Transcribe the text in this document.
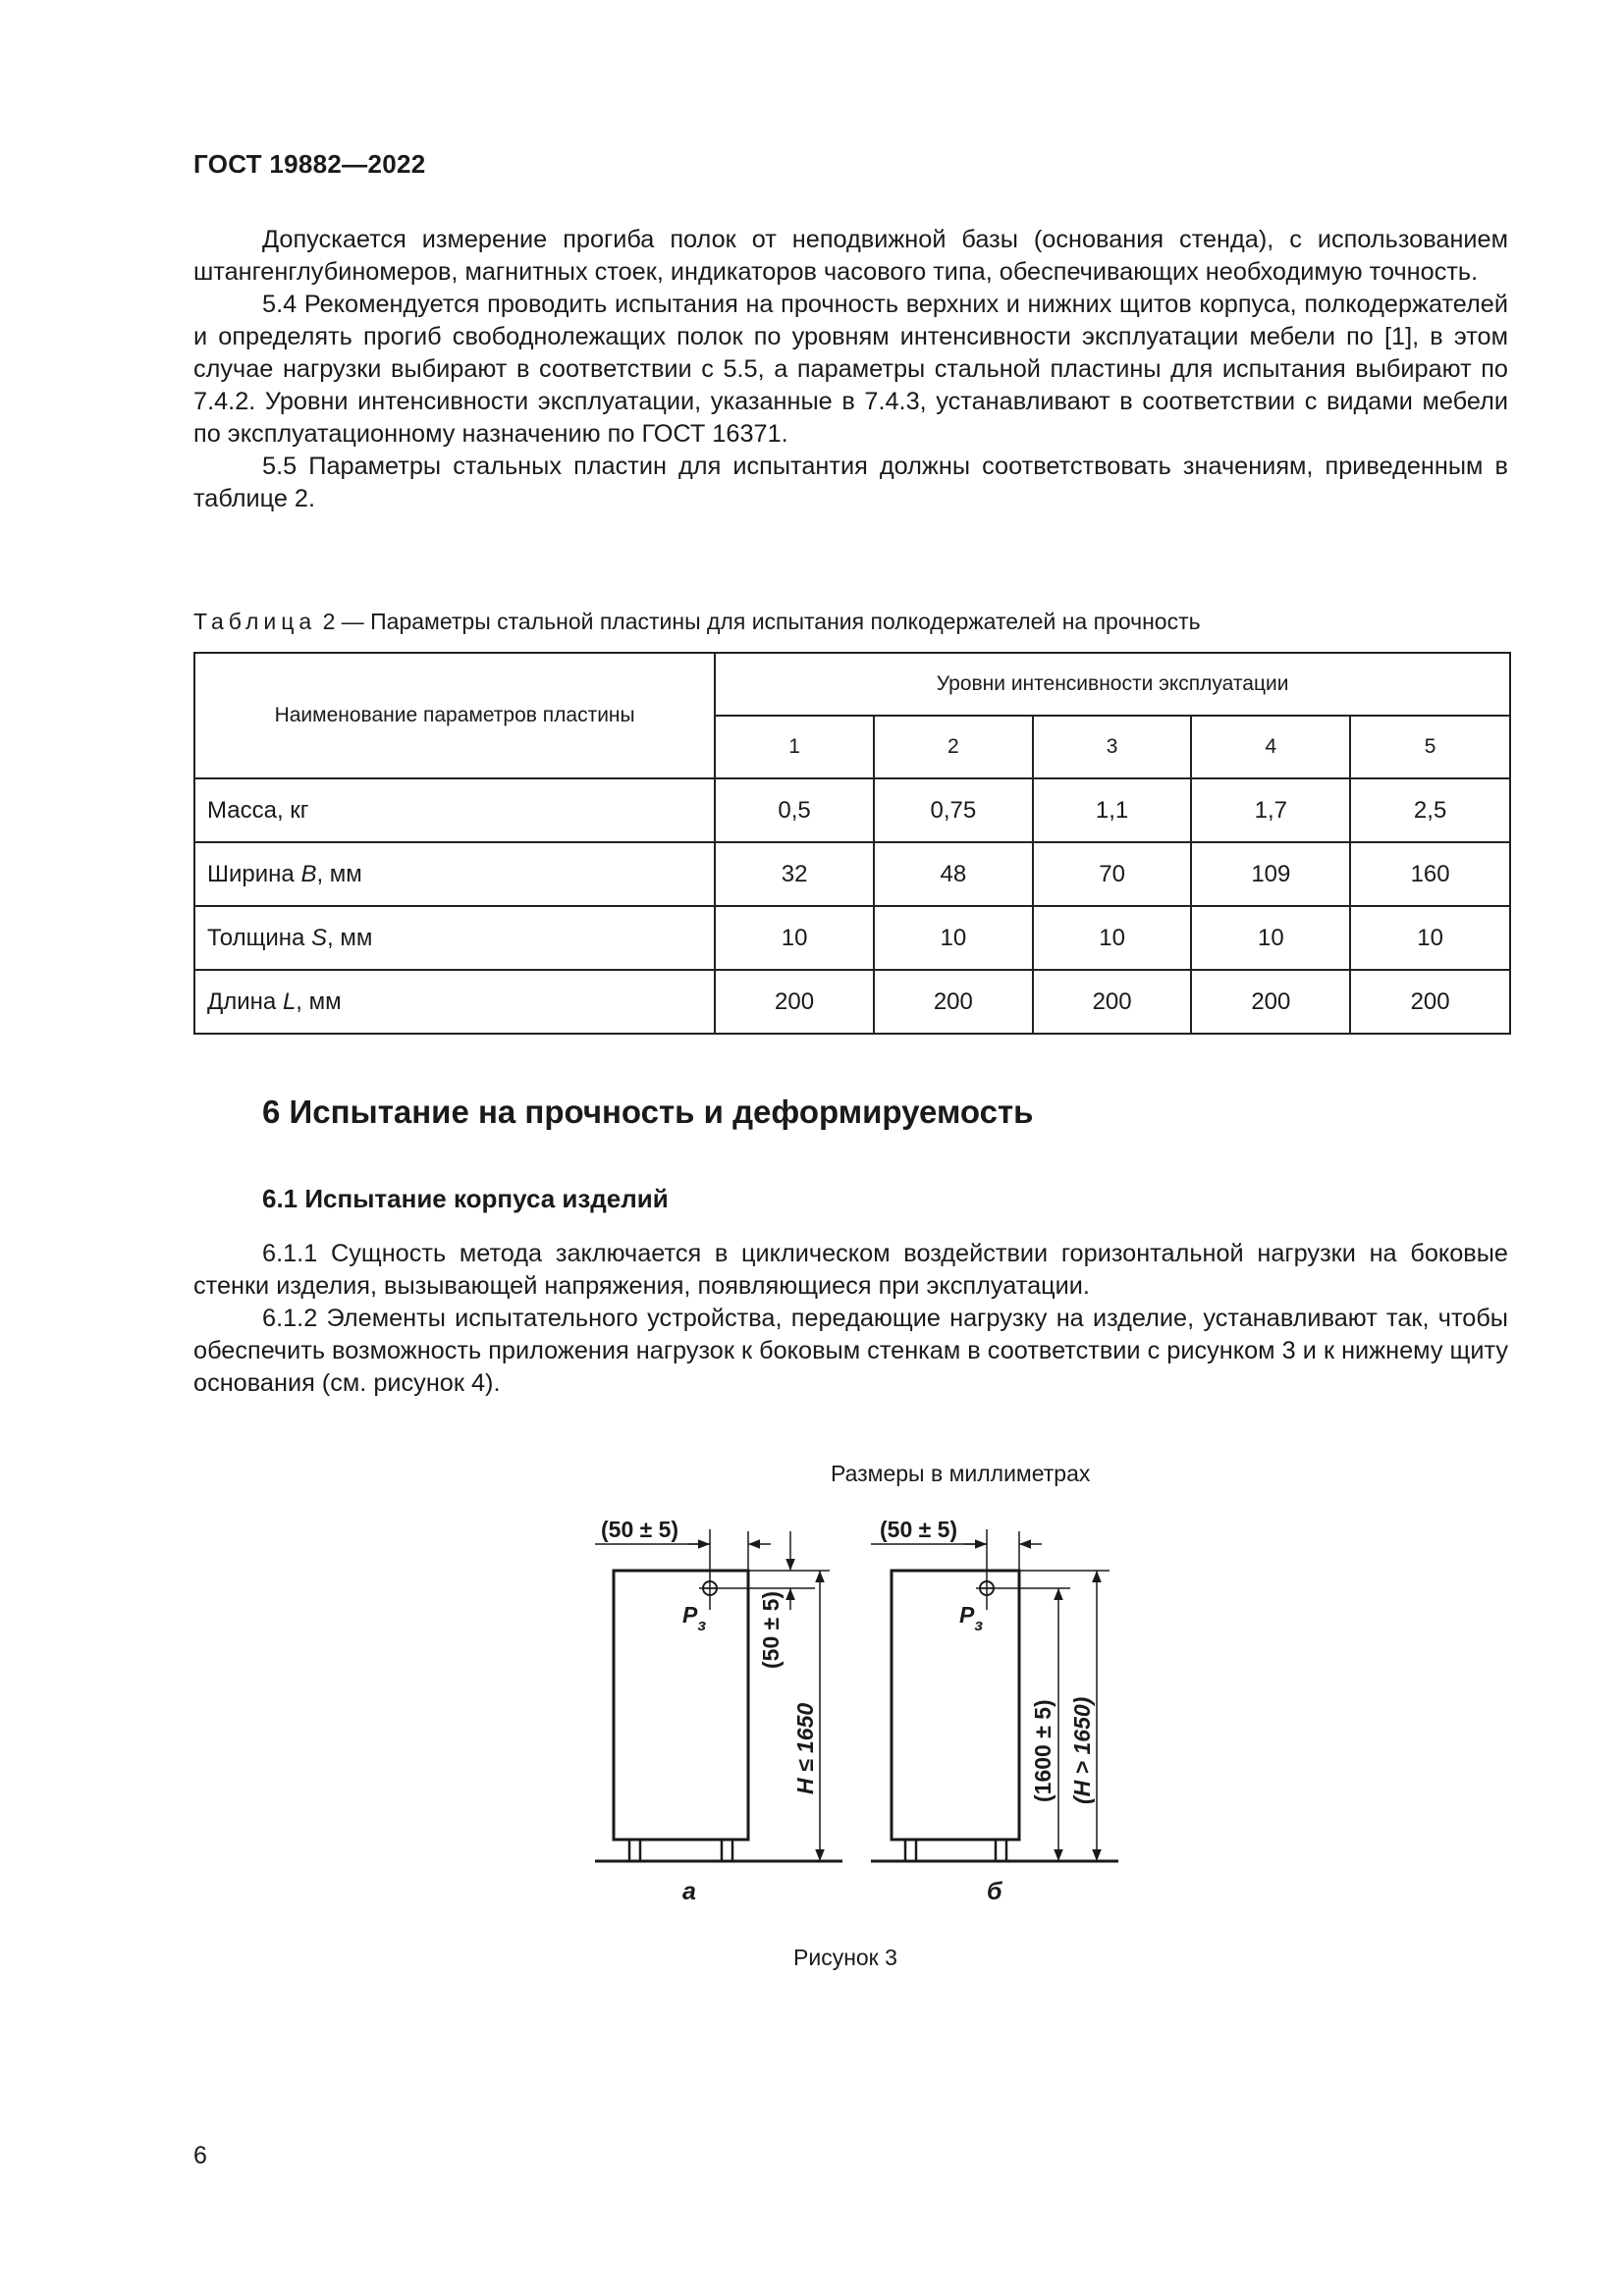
ГОСТ 19882—2022

Допускается измерение прогиба полок от неподвижной базы (основания стенда), с использованием штангенглубиномеров, магнитных стоек, индикаторов часового типа, обеспечивающих необходимую точность.

5.4 Рекомендуется проводить испытания на прочность верхних и нижних щитов корпуса, полкодержателей и определять прогиб свободнолежащих полок по уровням интенсивности эксплуатации мебели по [1], в этом случае нагрузки выбирают в соответствии с 5.5, а параметры стальной пластины для испытания выбирают по 7.4.2. Уровни интенсивности эксплуатации, указанные в 7.4.3, устанавливают в соответствии с видами мебели по эксплуатационному назначению по ГОСТ 16371.

5.5 Параметры стальных пластин для испытантия должны соответствовать значениям, приведенным в таблице 2.

Таблица 2 — Параметры стальной пластины для испытания полкодержателей на прочность
Наименование параметров пластины	Уровни интенсивности эксплуатации				
	1	2	3	4	5
Масса, кг	0,5	0,75	1,1	1,7	2,5
Ширина B, мм	32	48	70	109	160
Толщина S, мм	10	10	10	10	10
Длина L, мм	200	200	200	200	200
6 Испытание на прочность и деформируемость
6.1 Испытание корпуса изделий

6.1.1 Сущность метода заключается в циклическом воздействии горизонтальной нагрузки на боковые стенки изделия, вызывающей напряжения, появляющиеся при эксплуатации.

6.1.2 Элементы испытательного устройства, передающие нагрузку на изделие, устанавливают так, чтобы обеспечить возможность приложения нагрузок к боковым стенкам в соответствии с рисунком 3 и к нижнему щиту основания (см. рисунок 4).

Размеры в миллиметрах
(50 ± 5)
$P_з$ (50 ± 5)
H ≤ 1650
а
(50 ± 5)
$P_з$
(1600 ± 5) (H > 1650)
б
Рисунок 3
6
